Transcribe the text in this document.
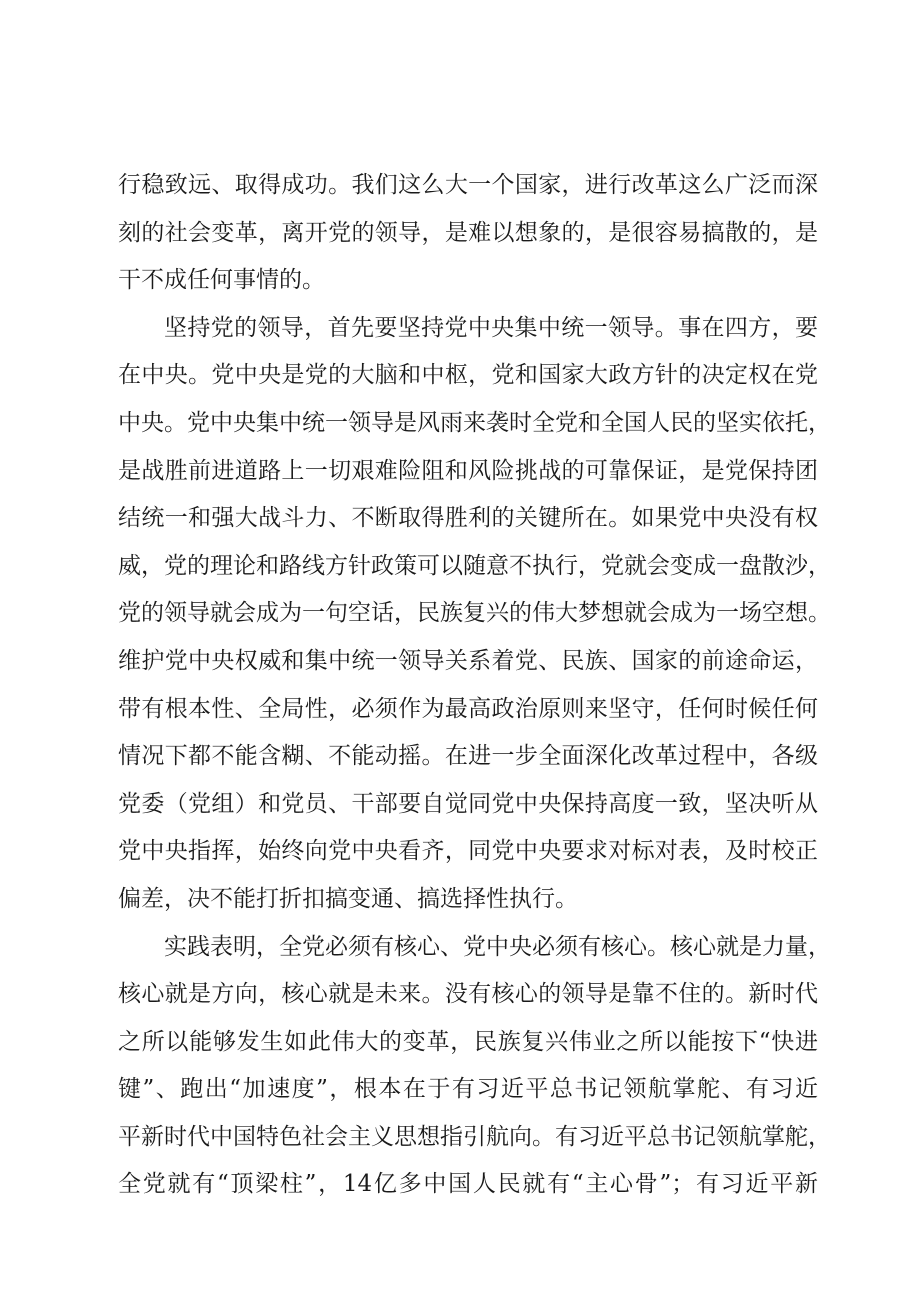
行稳致远、取得成功。我们这么大一个国家，进行改革这么广泛而深
刻的社会变革，离开党的领导，是难以想象的，是很容易搞散的，是
干不成任何事情的。
坚持党的领导，首先要坚持党中央集中统一领导。事在四方，要
在中央。党中央是党的大脑和中枢，党和国家大政方针的决定权在党
中央。党中央集中统一领导是风雨来袭时全党和全国人民的坚实依托，
是战胜前进道路上一切艰难险阻和风险挑战的可靠保证，是党保持团
结统一和强大战斗力、不断取得胜利的关键所在。如果党中央没有权
威，党的理论和路线方针政策可以随意不执行，党就会变成一盘散沙，
党的领导就会成为一句空话，民族复兴的伟大梦想就会成为一场空想。
维护党中央权威和集中统一领导关系着党、民族、国家的前途命运，
带有根本性、全局性，必须作为最高政治原则来坚守，任何时候任何
情况下都不能含糊、不能动摇。在进一步全面深化改革过程中，各级
党委（党组）和党员、干部要自觉同党中央保持高度一致，坚决听从
党中央指挥，始终向党中央看齐，同党中央要求对标对表，及时校正
偏差，决不能打折扣搞变通、搞选择性执行。
实践表明，全党必须有核心、党中央必须有核心。核心就是力量，
核心就是方向，核心就是未来。没有核心的领导是靠不住的。新时代
之所以能够发生如此伟大的变革，民族复兴伟业之所以能按下“快进
键”、跑出“加速度”，根本在于有习近平总书记领航掌舵、有习近
平新时代中国特色社会主义思想指引航向。有习近平总书记领航掌舵，
全党就有“顶梁柱”，14亿多中国人民就有“主心骨”；有习近平新
